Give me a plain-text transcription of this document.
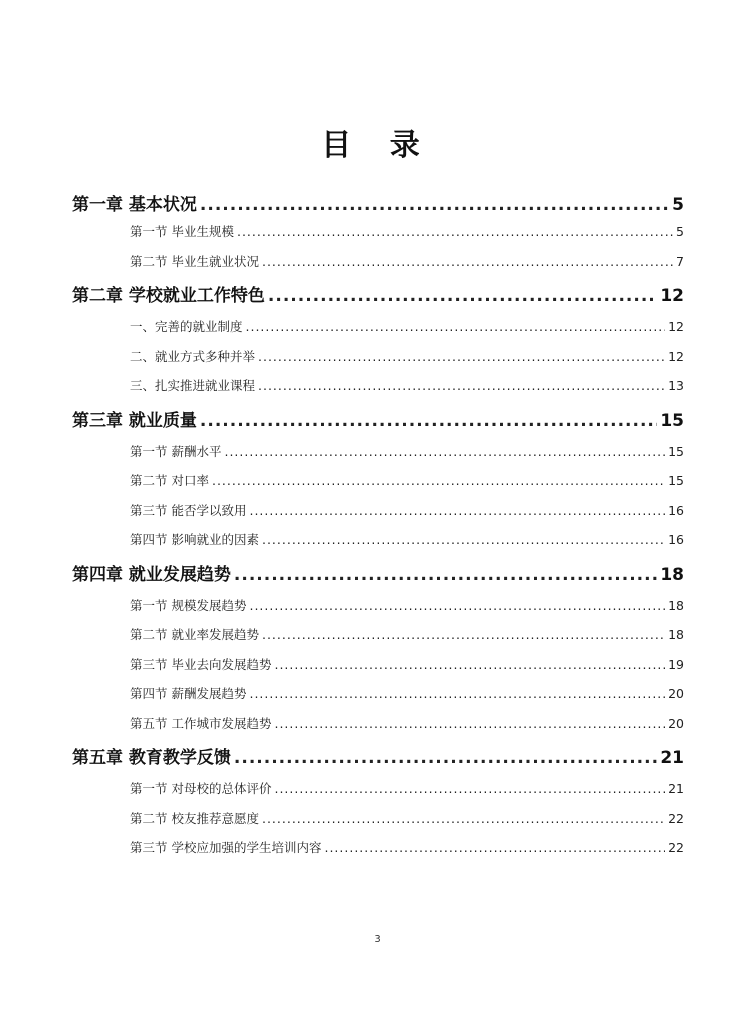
目 录
第一章 基本状况 .....	5
第一节 毕业生规模 .....	5
第二节 毕业生就业状况 .....	7
第二章 学校就业工作特色 .....	12
一、完善的就业制度 .....	12
二、就业方式多种并举 .....	12
三、扎实推进就业课程 .....	13
第三章 就业质量 .....	15
第一节 薪酬水平 .....	15
第二节 对口率 .....	15
第三节 能否学以致用 .....	16
第四节 影响就业的因素 .....	16
第四章 就业发展趋势 .....	18
第一节 规模发展趋势 .....	18
第二节 就业率发展趋势 .....	18
第三节 毕业去向发展趋势 .....	19
第四节 薪酬发展趋势 .....	20
第五节 工作城市发展趋势 .....	20
第五章 教育教学反馈 .....	21
第一节 对母校的总体评价 .....	21
第二节 校友推荐意愿度 .....	22
第三节 学校应加强的学生培训内容 .....	22
3
